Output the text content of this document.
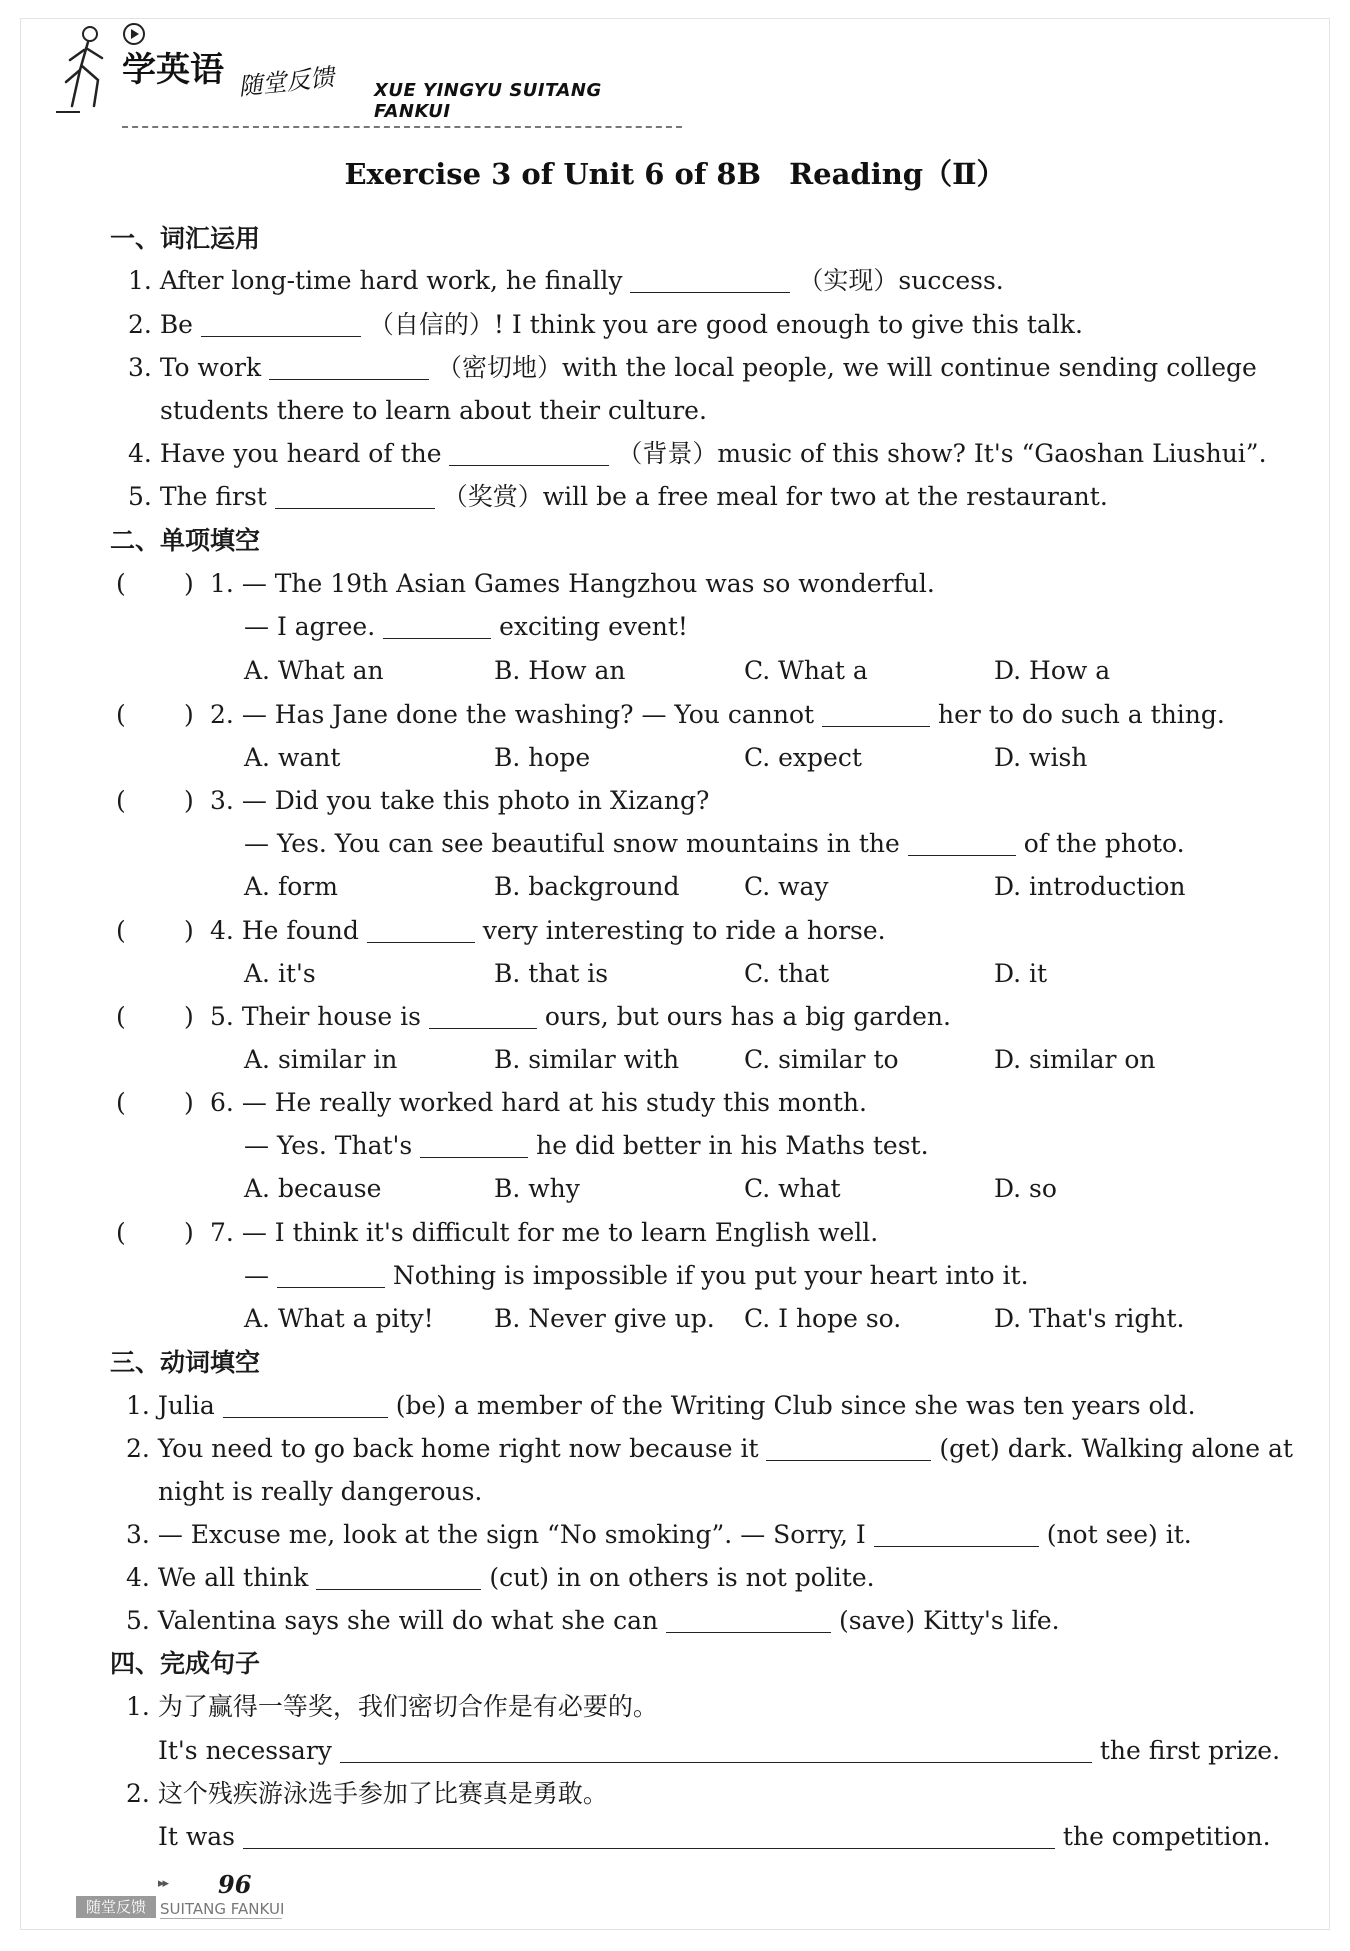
学英语 随堂反馈 XUE YINGYU SUITANG FANKUI
Exercise 3 of Unit 6 of 8B Reading（Ⅱ）
一、词汇运用
1. After long-time hard work, he finally	（实现）success.
2. Be	（自信的）! I think you are good enough to give this talk.
3. To work	（密切地）with the local people, we will continue sending college
students there to learn about their culture.
4. Have you heard of the	（背景）music of this show? It's “Gaoshan Liushui”.
5. The first	（奖赏）will be a free meal for two at the restaurant.
二、单项填空
( ) 1. — The 19th Asian Games Hangzhou was so wonderful.
— I agree.	exciting event!
A. What an	B. How an	C. What a	D. How a
( ) 2. — Has Jane done the washing? — You cannot	her to do such a thing.
A. want	B. hope	C. expect	D. wish
( ) 3. — Did you take this photo in Xizang?
— Yes. You can see beautiful snow mountains in the	of the photo.
A. form	B. background	C. way	D. introduction
( ) 4. He found	very interesting to ride a horse.
A. it's	B. that is	C. that	D. it
( ) 5. Their house is	ours, but ours has a big garden.
A. similar in	B. similar with	C. similar to	D. similar on
( ) 6. — He really worked hard at his study this month.
— Yes. That's	he did better in his Maths test.
A. because	B. why	C. what	D. so
( ) 7. — I think it's difficult for me to learn English well.
—	Nothing is impossible if you put your heart into it.
A. What a pity! B. Never give up. C. I hope so.	D. That's right.
三、动词填空
1. Julia	(be) a member of the Writing Club since she was ten years old.
2. You need to go back home right now because it	(get) dark. Walking alone at
night is really dangerous.
3. — Excuse me, look at the sign “No smoking”. — Sorry, I	(not see) it.
4. We all think	(cut) in on others is not polite.
5. Valentina says she will do what she can	(save) Kitty's life.
四、完成句子
1. 为了赢得一等奖，我们密切合作是有必要的。
It's necessary	the first prize.
2. 这个残疾游泳选手参加了比赛真是勇敢。
It was	the competition.
▸▸ 96
随堂反馈 SUITANG FANKUI
